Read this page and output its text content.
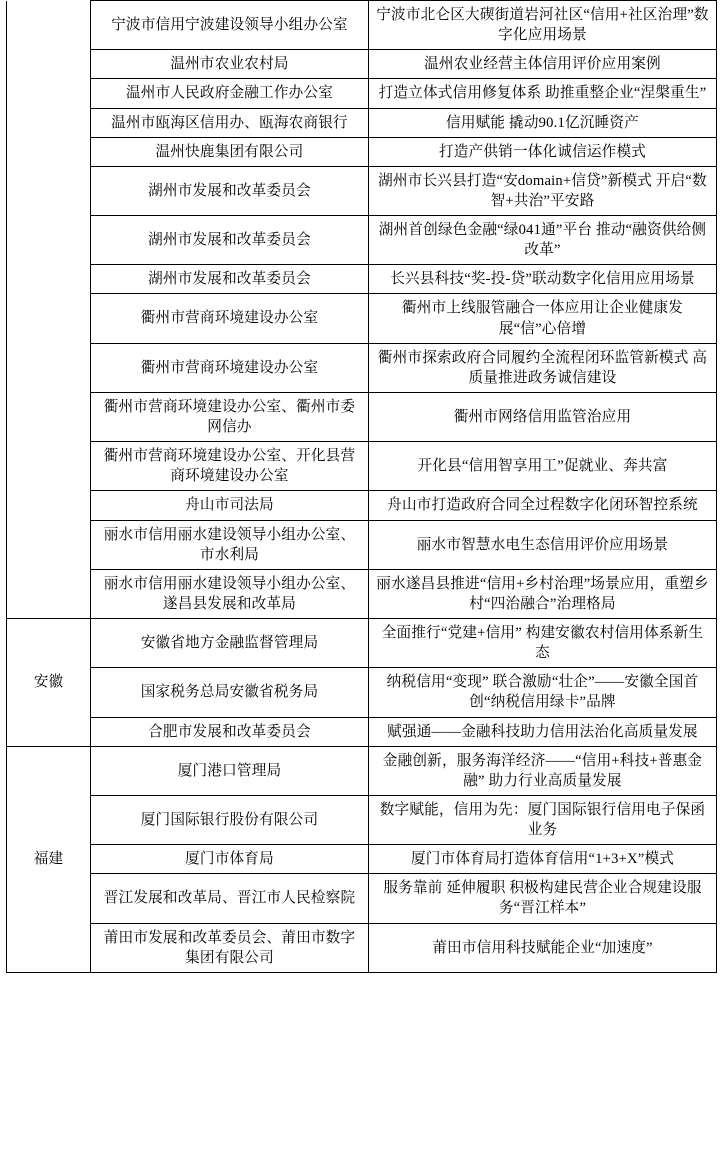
	宁波市信用宁波建设领导小组办公室	宁波市北仑区大碶街道岩河社区“信用+社区治理”数字化应用场景
	温州市农业农村局	温州农业经营主体信用评价应用案例
	温州市人民政府金融工作办公室	打造立体式信用修复体系 助推重整企业“涅槃重生”
	温州市瓯海区信用办、瓯海农商银行	信用赋能 撬动90.1亿沉睡资产
	温州快鹿集团有限公司	打造产供销一体化诚信运作模式
	湖州市发展和改革委员会	湖州市长兴县打造“安domain+信贷”新模式 开启“数智+共治”平安路
	湖州市发展和改革委员会	湖州首创绿色金融“绿041通”平台 推动“融资供给侧改革”
	湖州市发展和改革委员会	长兴县科技“奖-投-贷”联动数字化信用应用场景
	衢州市营商环境建设办公室	衢州市上线服管融合一体应用让企业健康发展“信”心倍增
	衢州市营商环境建设办公室	衢州市探索政府合同履约全流程闭环监管新模式 高质量推进政务诚信建设
	衢州市营商环境建设办公室、衢州市委网信办	衢州市网络信用监管治应用
	衢州市营商环境建设办公室、开化县营商环境建设办公室	开化县“信用智享用工”促就业、奔共富
	舟山市司法局	舟山市打造政府合同全过程数字化闭环智控系统
	丽水市信用丽水建设领导小组办公室、市水利局	丽水市智慧水电生态信用评价应用场景
	丽水市信用丽水建设领导小组办公室、遂昌县发展和改革局	丽水遂昌县推进“信用+乡村治理”场景应用，重塑乡村“四治融合”治理格局
安徽	安徽省地方金融监督管理局	全面推行“党建+信用” 构建安徽农村信用体系新生态
	国家税务总局安徽省税务局	纳税信用“变现” 联合激励“壮企”——安徽全国首创“纳税信用绿卡”品牌
	合肥市发展和改革委员会	赋强通——金融科技助力信用法治化高质量发展
福建	厦门港口管理局	金融创新，服务海洋经济——“信用+科技+普惠金融” 助力行业高质量发展
	厦门国际银行股份有限公司	数字赋能，信用为先：厦门国际银行信用电子保函业务
	厦门市体育局	厦门市体育局打造体育信用“1+3+X”模式
	晋江发展和改革局、晋江市人民检察院	服务靠前 延伸履职 积极构建民营企业合规建设服务“晋江样本”
	莆田市发展和改革委员会、莆田市数字集团有限公司	莆田市信用科技赋能企业“加速度”
